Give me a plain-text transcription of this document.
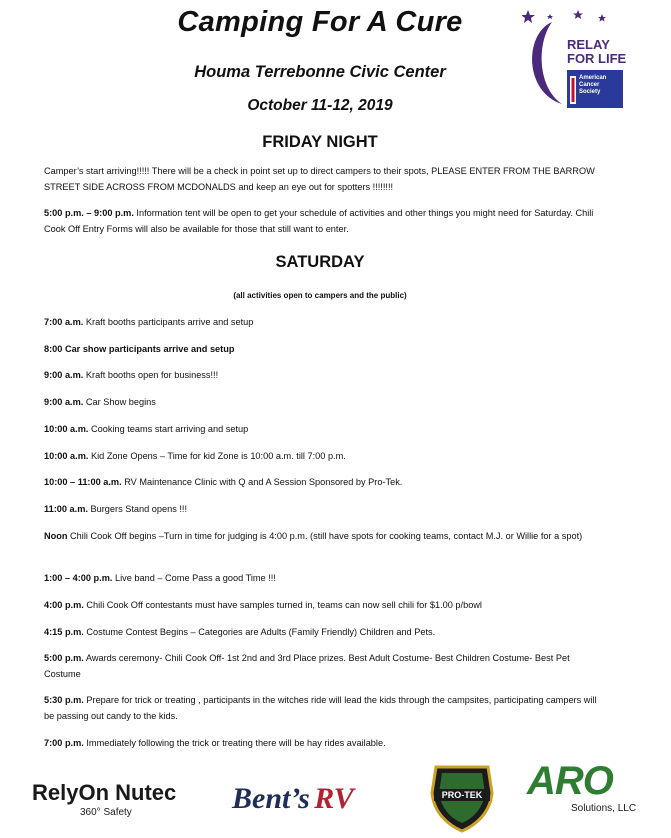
Camping For A Cure
Houma Terrebonne Civic Center
October 11-12, 2019
RELAY
FOR LIFE
American Cancer Society
FRIDAY NIGHT
Camper’s start arriving!!!!! There will be a check in point set up to direct campers to their spots, PLEASE ENTER FROM THE BARROW STREET SIDE ACROSS FROM MCDONALDS and keep an eye out for spotters !!!!!!!!
5:00 p.m. – 9:00 p.m. Information tent will be open to get your schedule of activities and other things you might need for Saturday. Chili Cook Off Entry Forms will also be available for those that still want to enter.
SATURDAY
(all activities open to campers and the public)
7:00 a.m. Kraft booths participants arrive and setup
8:00 Car show participants arrive and setup
9:00 a.m. Kraft booths open for business!!!
9:00 a.m. Car Show begins
10:00 a.m. Cooking teams start arriving and setup
10:00 a.m. Kid Zone Opens – Time for kid Zone is 10:00 a.m. till 7:00 p.m.
10:00 – 11:00 a.m. RV Maintenance Clinic with Q and A Session Sponsored by Pro-Tek.
11:00 a.m. Burgers Stand opens !!!
Noon Chili Cook Off begins –Turn in time for judging is 4:00 p.m. (still have spots for cooking teams, contact M.J. or Willie for a spot)
1:00 – 4:00 p.m. Live band – Come Pass a good Time !!!
4:00 p.m. Chili Cook Off contestants must have samples turned in, teams can now sell chili for $1.00 p/bowl
4:15 p.m. Costume Contest Begins – Categories are Adults (Family Friendly) Children and Pets.
5:00 p.m. Awards ceremony- Chili Cook Off- 1st 2nd and 3rd Place prizes. Best Adult Costume- Best Children Costume- Best Pet Costume
5:30 p.m. Prepare for trick or treating , participants in the witches ride will lead the kids through the campsites, participating campers will be passing out candy to the kids.
7:00 p.m. Immediately following the trick or treating there will be hay rides available.
RelyOn Nutec
360° Safety	Bent’s RV	PRO-TEK ARO
Solutions, LLC
